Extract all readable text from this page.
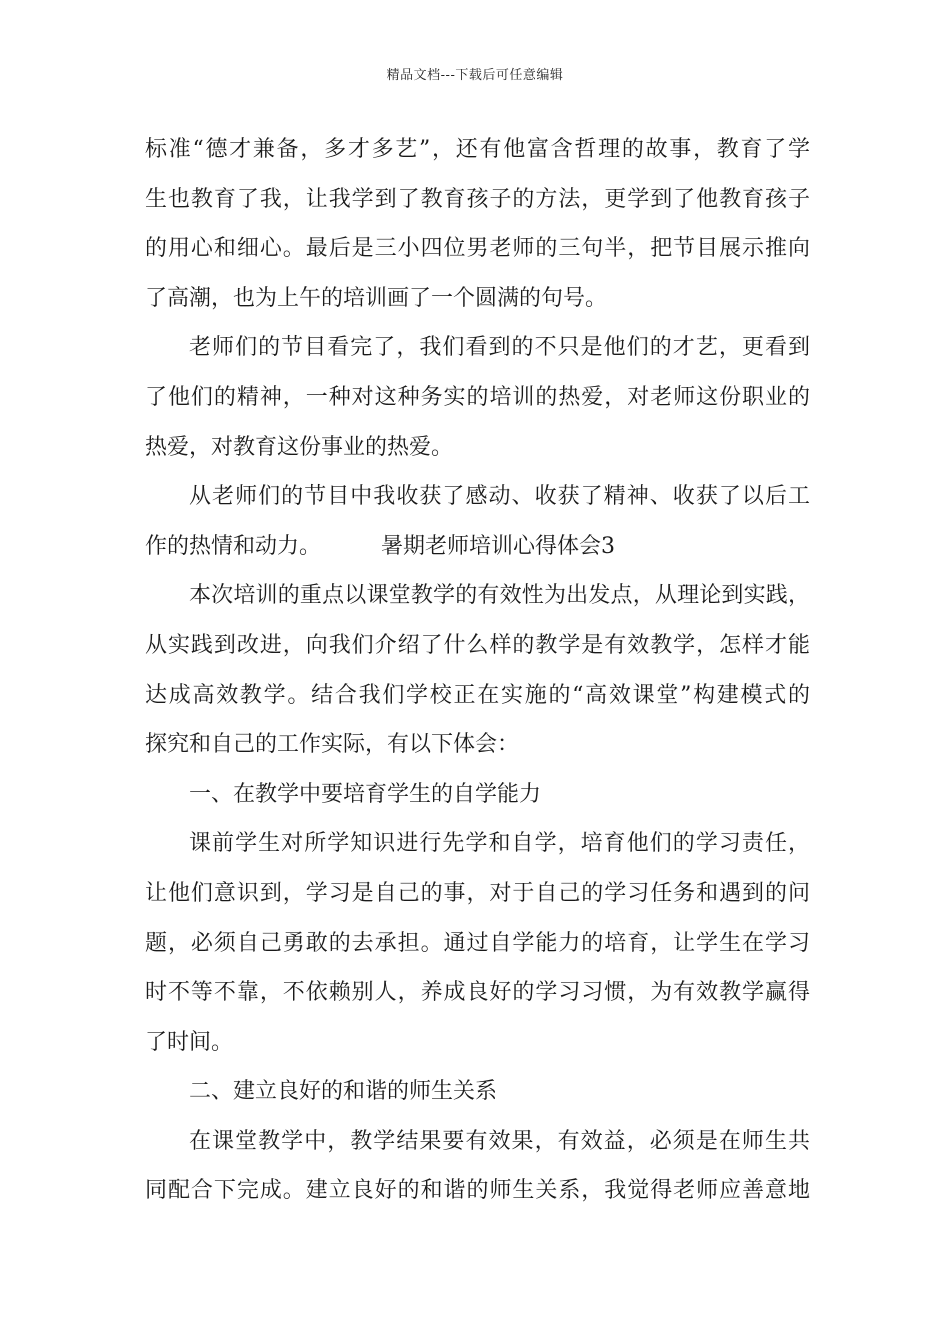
精品文档---下载后可任意编辑
标准“德才兼备，多才多艺”，还有他富含哲理的故事，教育了学
生也教育了我，让我学到了教育孩子的方法，更学到了他教育孩子
的用心和细心。最后是三小四位男老师的三句半，把节目展示推向
了高潮，也为上午的培训画了一个圆满的句号。
老师们的节目看完了，我们看到的不只是他们的才艺，更看到
了他们的精神，一种对这种务实的培训的热爱，对老师这份职业的
热爱，对教育这份事业的热爱。
从老师们的节目中我收获了感动、收获了精神、收获了以后工
作的热情和动力。	暑期老师培训心得体会3
本次培训的重点以课堂教学的有效性为出发点，从理论到实践，
从实践到改进，向我们介绍了什么样的教学是有效教学，怎样才能
达成高效教学。结合我们学校正在实施的“高效课堂”构建模式的
探究和自己的工作实际，有以下体会：
一、在教学中要培育学生的自学能力
课前学生对所学知识进行先学和自学，培育他们的学习责任，
让他们意识到，学习是自己的事，对于自己的学习任务和遇到的问
题，必须自己勇敢的去承担。通过自学能力的培育，让学生在学习
时不等不靠，不依赖别人，养成良好的学习习惯，为有效教学赢得
了时间。
二、建立良好的和谐的师生关系
在课堂教学中，教学结果要有效果，有效益，必须是在师生共
同配合下完成。建立良好的和谐的师生关系，我觉得老师应善意地
